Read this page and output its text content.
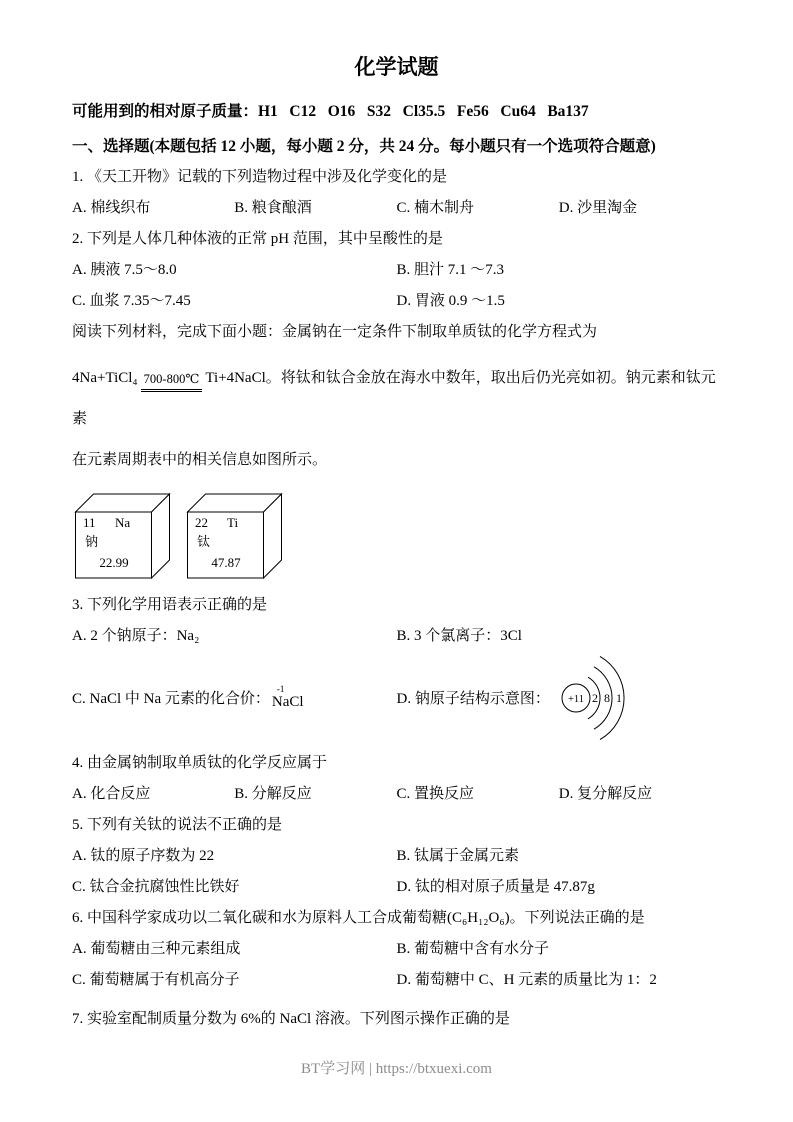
化学试题

可能用到的相对原子质量：H1   C12   O16   S32   Cl35.5   Fe56   Cu64   Ba137

一、选择题(本题包括 12 小题，每小题 2 分，共 24 分。每小题只有一个选项符合题意)

1. 《天工开物》记载的下列造物过程中涉及化学变化的是

A. 棉线织布	B. 粮食酿酒	C. 楠木制舟	D. 沙里淘金

2. 下列是人体几种体液的正常 pH 范围，其中呈酸性的是

A. 胰液 7.5～8.0	B. 胆汁 7.1 ～7.3
C. 血浆 7.35～7.45	D. 胃液 0.9 ～1.5

阅读下列材料，完成下面小题：金属钠在一定条件下制取单质钛的化学方程式为

4Na+TiCl₄ 700-800℃ Ti+4NaCl。将钛和钛合金放在海水中数年，取出后仍光亮如初。钠元素和钛元素

在元素周期表中的相关信息如图所示。

11 Na
钠
22.99
22 Ti
钛
47.87

3. 下列化学用语表示正确的是

A. 2 个钠原子：Na₂	B. 3 个氯离子：3Cl
C. NaCl 中 Na 元素的化合价：
-1
Na Cl	D. 钠原子结构示意图： +11 2 8 1

4. 由金属钠制取单质钛的化学反应属于

A. 化合反应	B. 分解反应	C. 置换反应	D. 复分解反应

5. 下列有关钛的说法不正确的是

A. 钛的原子序数为 22	B. 钛属于金属元素
C. 钛合金抗腐蚀性比铁好	D. 钛的相对原子质量是 47.87g

6. 中国科学家成功以二氧化碳和水为原料人工合成葡萄糖(C₆H₁₂O₆)。下列说法正确的是

A. 葡萄糖由三种元素组成	B. 葡萄糖中含有水分子
C. 葡萄糖属于有机高分子	D. 葡萄糖中 C、H 元素的质量比为 1：2

7. 实验室配制质量分数为 6%的 NaCl 溶液。下列图示操作正确的是

BT学习网 | https://btxuexi.com
